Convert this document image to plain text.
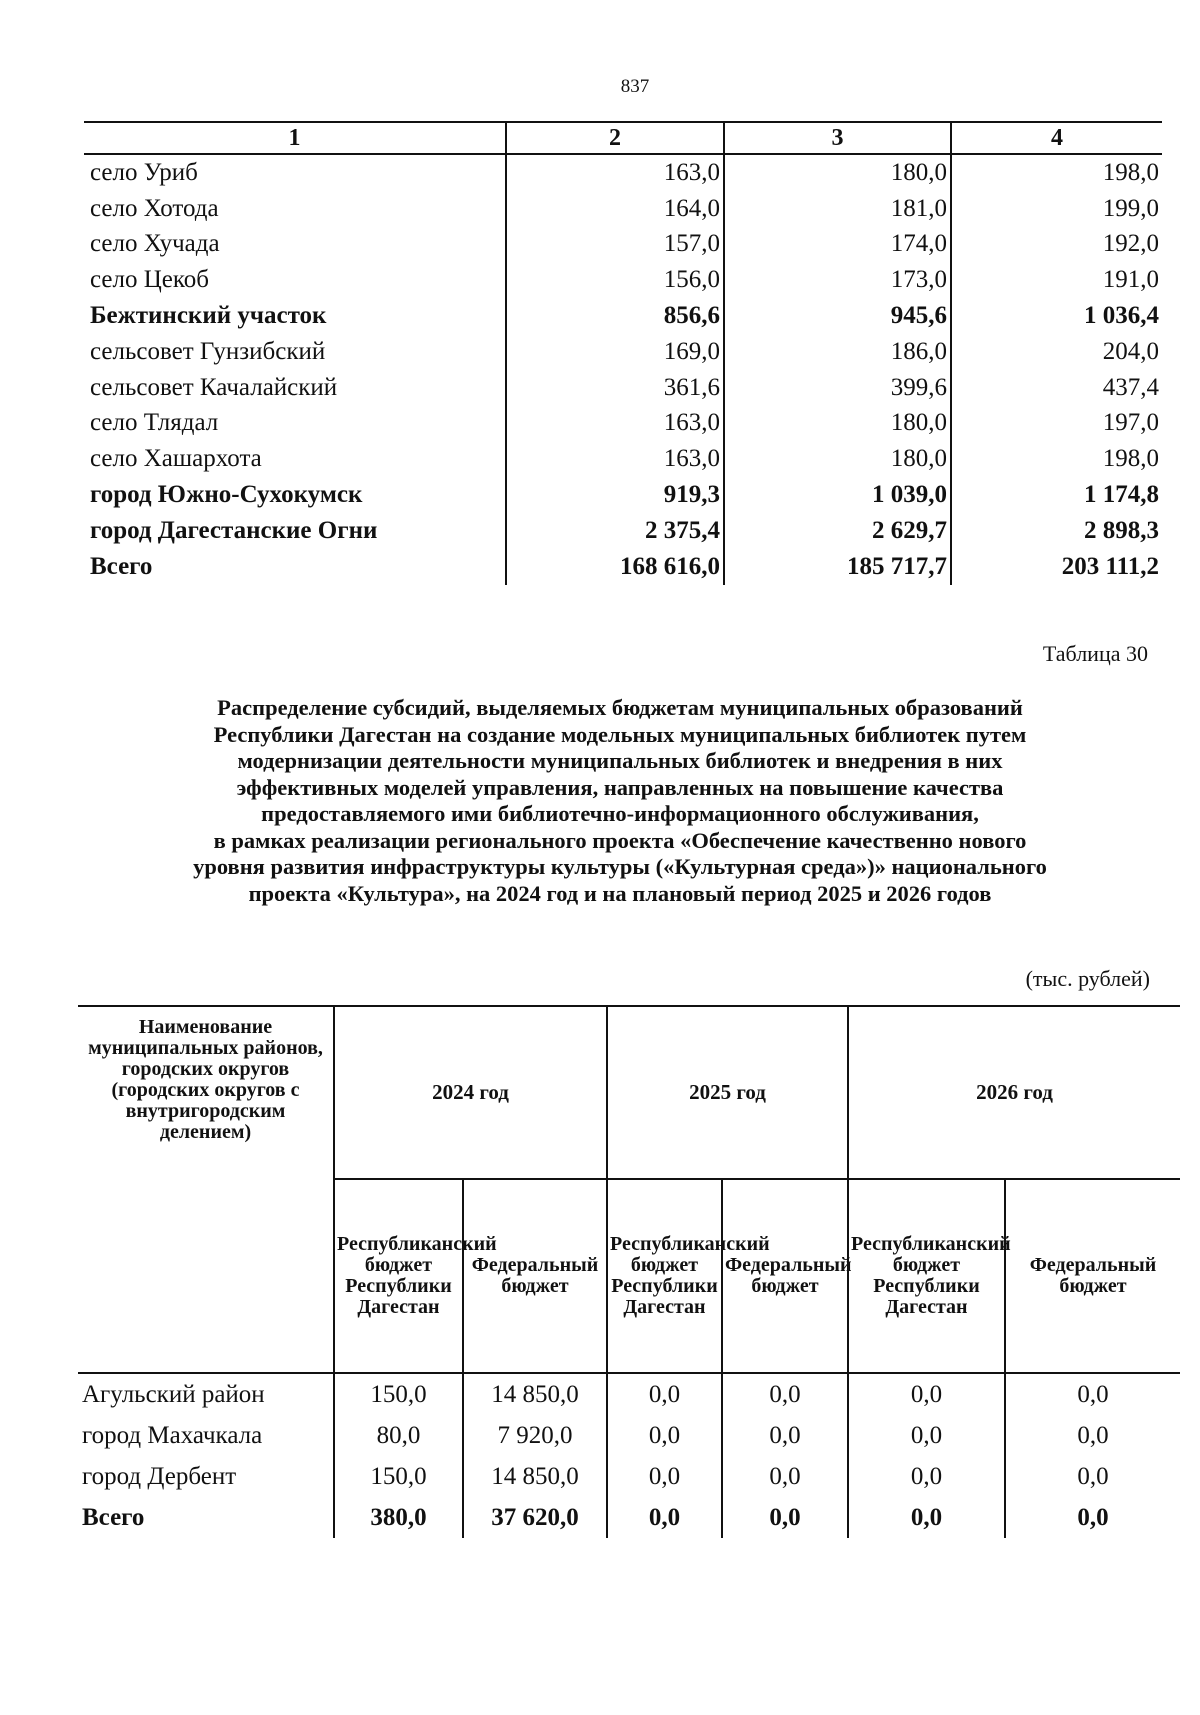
837
1	2	3	4
село Уриб	163,0	180,0	198,0
село Хотода	164,0	181,0	199,0
село Хучада	157,0	174,0	192,0
село Цекоб	156,0	173,0	191,0
Бежтинский участок	856,6	945,6	1 036,4
сельсовет Гунзибский	169,0	186,0	204,0
сельсовет Качалайский	361,6	399,6	437,4
село Тлядал	163,0	180,0	197,0
село Хашархота	163,0	180,0	198,0
город Южно-Сухокумск	919,3	1 039,0	1 174,8
город Дагестанские Огни	2 375,4	2 629,7	2 898,3
Всего	168 616,0	185 717,7	203 111,2
Таблица 30
Распределение субсидий, выделяемых бюджетам муниципальных образований
Республики Дагестан на создание модельных муниципальных библиотек путем
модернизации деятельности муниципальных библиотек и внедрения в них
эффективных моделей управления, направленных на повышение качества
предоставляемого ими библиотечно-информационного обслуживания,
в рамках реализации регионального проекта «Обеспечение качественно нового
уровня развития инфраструктуры культуры («Культурная среда»)» национального
проекта «Культура», на 2024 год и на плановый период 2025 и 2026 годов
(тыс. рублей)
Наименование муниципальных районов, городских округов (городских округов с внутригородским делением)	2024 год		2025 год		2026 год	
	Республиканский бюджет Республики Дагестан	Федеральный бюджет	Республиканский бюджет Республики Дагестан	Федеральный бюджет	Республиканский бюджет Республики Дагестан	Федеральный бюджет
Агульский район	150,0	14 850,0	0,0	0,0	0,0	0,0
город Махачкала	80,0	7 920,0	0,0	0,0	0,0	0,0
город Дербент	150,0	14 850,0	0,0	0,0	0,0	0,0
Всего	380,0	37 620,0	0,0	0,0	0,0	0,0
